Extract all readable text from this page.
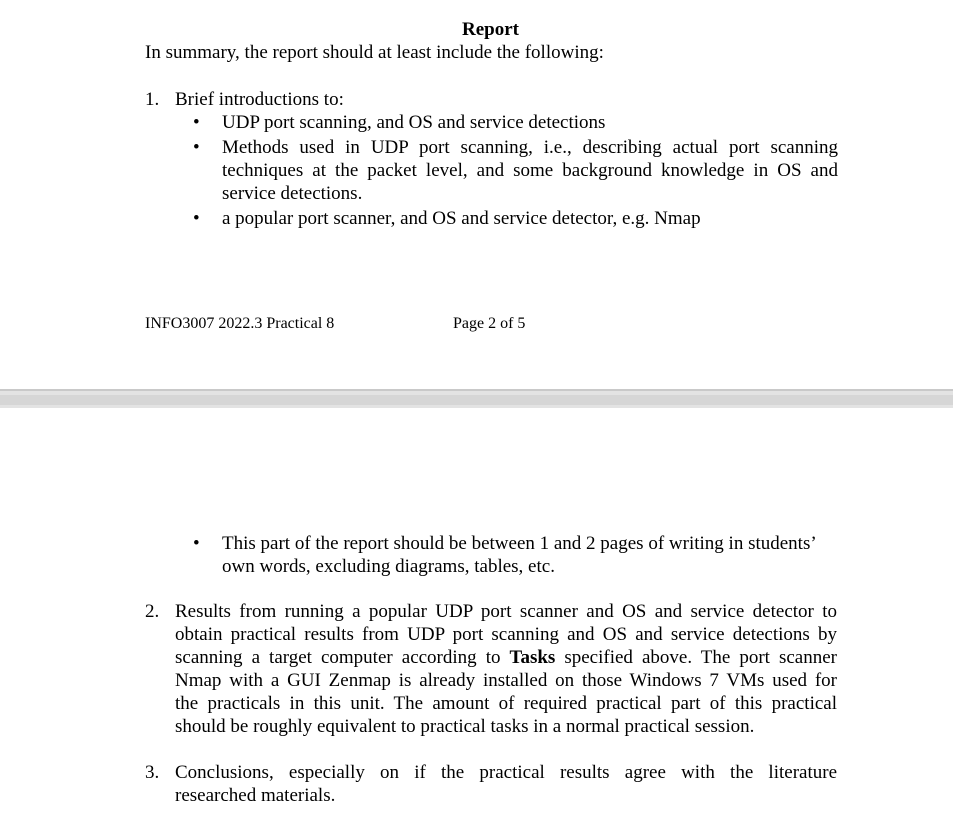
Report
In summary, the report should at least include the following:
1. Brief introductions to:
• UDP port scanning, and OS and service detections
• Methods used in UDP port scanning, i.e., describing actual port scanning
techniques at the packet level, and some background knowledge in OS and
service detections.
• a popular port scanner, and OS and service detector, e.g. Nmap
INFO3007 2022.3 Practical 8	Page 2 of 5
• This part of the report should be between 1 and 2 pages of writing in students’
own words, excluding diagrams, tables, etc.
2. Results from running a popular UDP port scanner and OS and service detector to
obtain practical results from UDP port scanning and OS and service detections by
scanning a target computer according to Tasks specified above. The port scanner
Nmap with a GUI Zenmap is already installed on those Windows 7 VMs used for
the practicals in this unit. The amount of required practical part of this practical
should be roughly equivalent to practical tasks in a normal practical session.
3. Conclusions, especially on if the practical results agree with the literature
researched materials.
